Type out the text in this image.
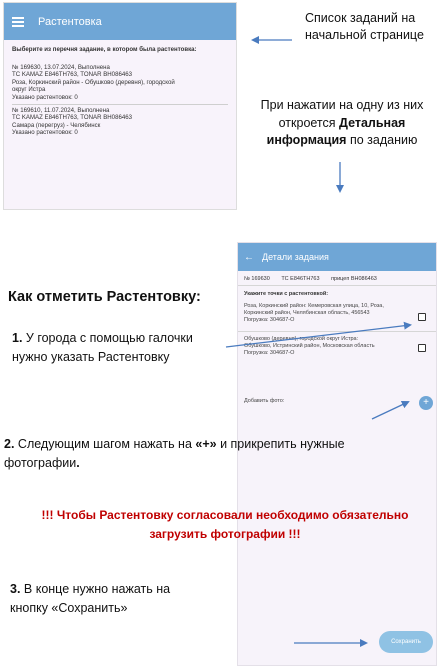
Растентовка
Выберите из перечня задание, в котором была растентовка:
№ 169630, 13.07.2024, Выполнена
ТС KAMAZ E846TH763, TONAR BH086463
Роза, Коркинский район - Обушково (деревня), городской
округ Истра
Указано растентовок: 0
№ 169610, 11.07.2024, Выполнена
ТС KAMAZ E846TH763, TONAR BH086463
Самара (перегруз) - Челябинск
Указано растентовок: 0
Список заданий на начальной странице
При нажатии на одну из них откроется Детальная информация по заданию
← Детали задания
№ 169630 ТС E846TH763 прицеп BH086463
Укажите точки с растентовкой:
Роза, Коркинский район: Кемеровская улица, 10, Роза,
Коркинский район, Челябинская область, 456543
Погрузка: 304687-О
Обушково (деревня), городской округ Истра:
Обушково, Истринский район, Московская область
Погрузка: 304687-О
Добавить фото:	+
Сохранить
Как отметить Растентовку:
1. У города с помощью галочки нужно указать Растентовку
2. Следующим шагом нажать на «+» и прикрепить нужные фотографии.
!!! Чтобы Растентовку согласовали необходимо обязательно загрузить фотографии !!!
3. В конце нужно нажать на кнопку «Сохранить»
